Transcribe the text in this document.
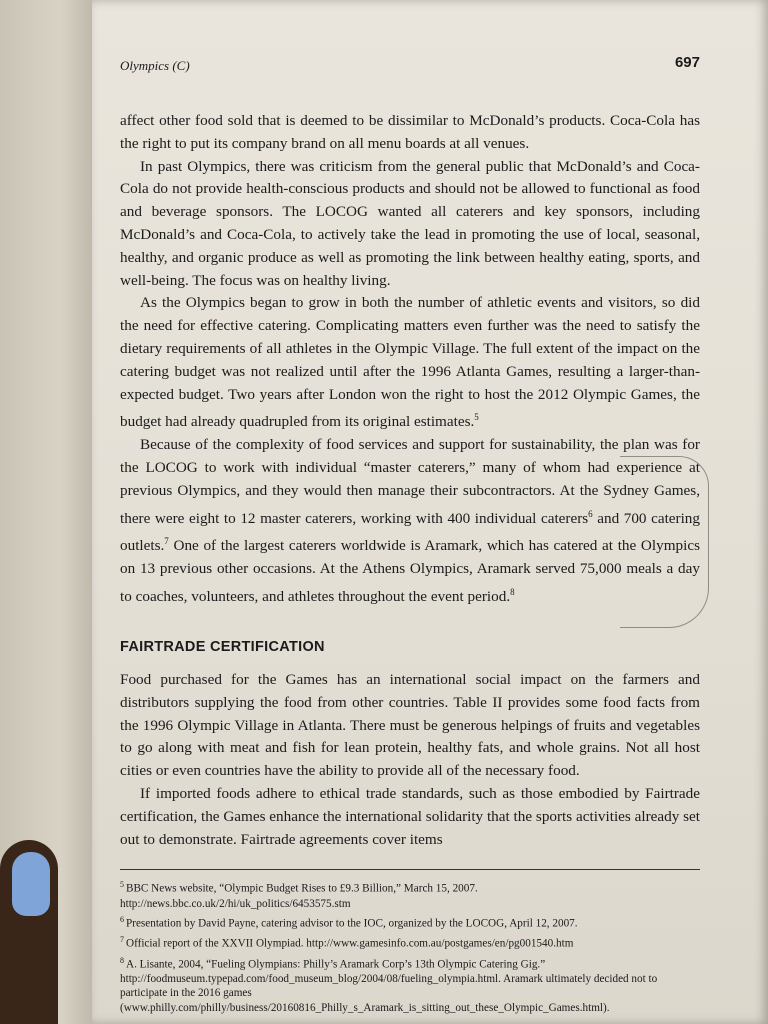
Olympics (C)	697

affect other food sold that is deemed to be dissimilar to McDonald’s products. Coca-Cola has the right to put its company brand on all menu boards at all venues.

In past Olympics, there was criticism from the general public that McDonald’s and Coca-Cola do not provide health-conscious products and should not be allowed to functional as food and beverage sponsors. The LOCOG wanted all caterers and key sponsors, including McDonald’s and Coca-Cola, to actively take the lead in promoting the use of local, seasonal, healthy, and organic produce as well as promoting the link between healthy eating, sports, and well-being. The focus was on healthy living.

As the Olympics began to grow in both the number of athletic events and visitors, so did the need for effective catering. Complicating matters even further was the need to satisfy the dietary requirements of all athletes in the Olympic Village. The full extent of the impact on the catering budget was not realized until after the 1996 Atlanta Games, resulting a larger-than-expected budget. Two years after London won the right to host the 2012 Olympic Games, the budget had already quadrupled from its original estimates.$^5$

Because of the complexity of food services and support for sustainability, the plan was for the LOCOG to work with individual “master caterers,” many of whom had experience at previous Olympics, and they would then manage their subcontractors. At the Sydney Games, there were eight to 12 master caterers, working with 400 individual caterers$^6$ and 700 catering outlets.$^7$ One of the largest caterers worldwide is Aramark, which has catered at the Olympics on 13 previous other occasions. At the Athens Olympics, Aramark served 75,000 meals a day to coaches, volunteers, and athletes throughout the event period.$^8$

FAIRTRADE CERTIFICATION

Food purchased for the Games has an international social impact on the farmers and distributors supplying the food from other countries. Table II provides some food facts from the 1996 Olympic Village in Atlanta. There must be generous helpings of fruits and vegetables to go along with meat and fish for lean protein, healthy fats, and whole grains. Not all host cities or even countries have the ability to provide all of the necessary food.

If imported foods adhere to ethical trade standards, such as those embodied by Fairtrade certification, the Games enhance the international solidarity that the sports activities already set out to demonstrate. Fairtrade agreements cover items

$^5$ BBC News website, “Olympic Budget Rises to £9.3 Billion,” March 15, 2007. http://news.bbc.co.uk/2/hi/uk_politics/6453575.stm

$^6$ Presentation by David Payne, catering advisor to the IOC, organized by the LOCOG, April 12, 2007.

$^7$ Official report of the XXVII Olympiad. http://www.gamesinfo.com.au/postgames/en/pg001540.htm

$^8$ A. Lisante, 2004, “Fueling Olympians: Philly’s Aramark Corp’s 13th Olympic Catering Gig.” http://foodmuseum.typepad.com/food_museum_blog/2004/08/fueling_olympia.html. Aramark ultimately decided not to participate in the 2016 games (www.philly.com/philly/business/20160816_Philly_s_Aramark_is_sitting_out_these_Olympic_Games.html).
